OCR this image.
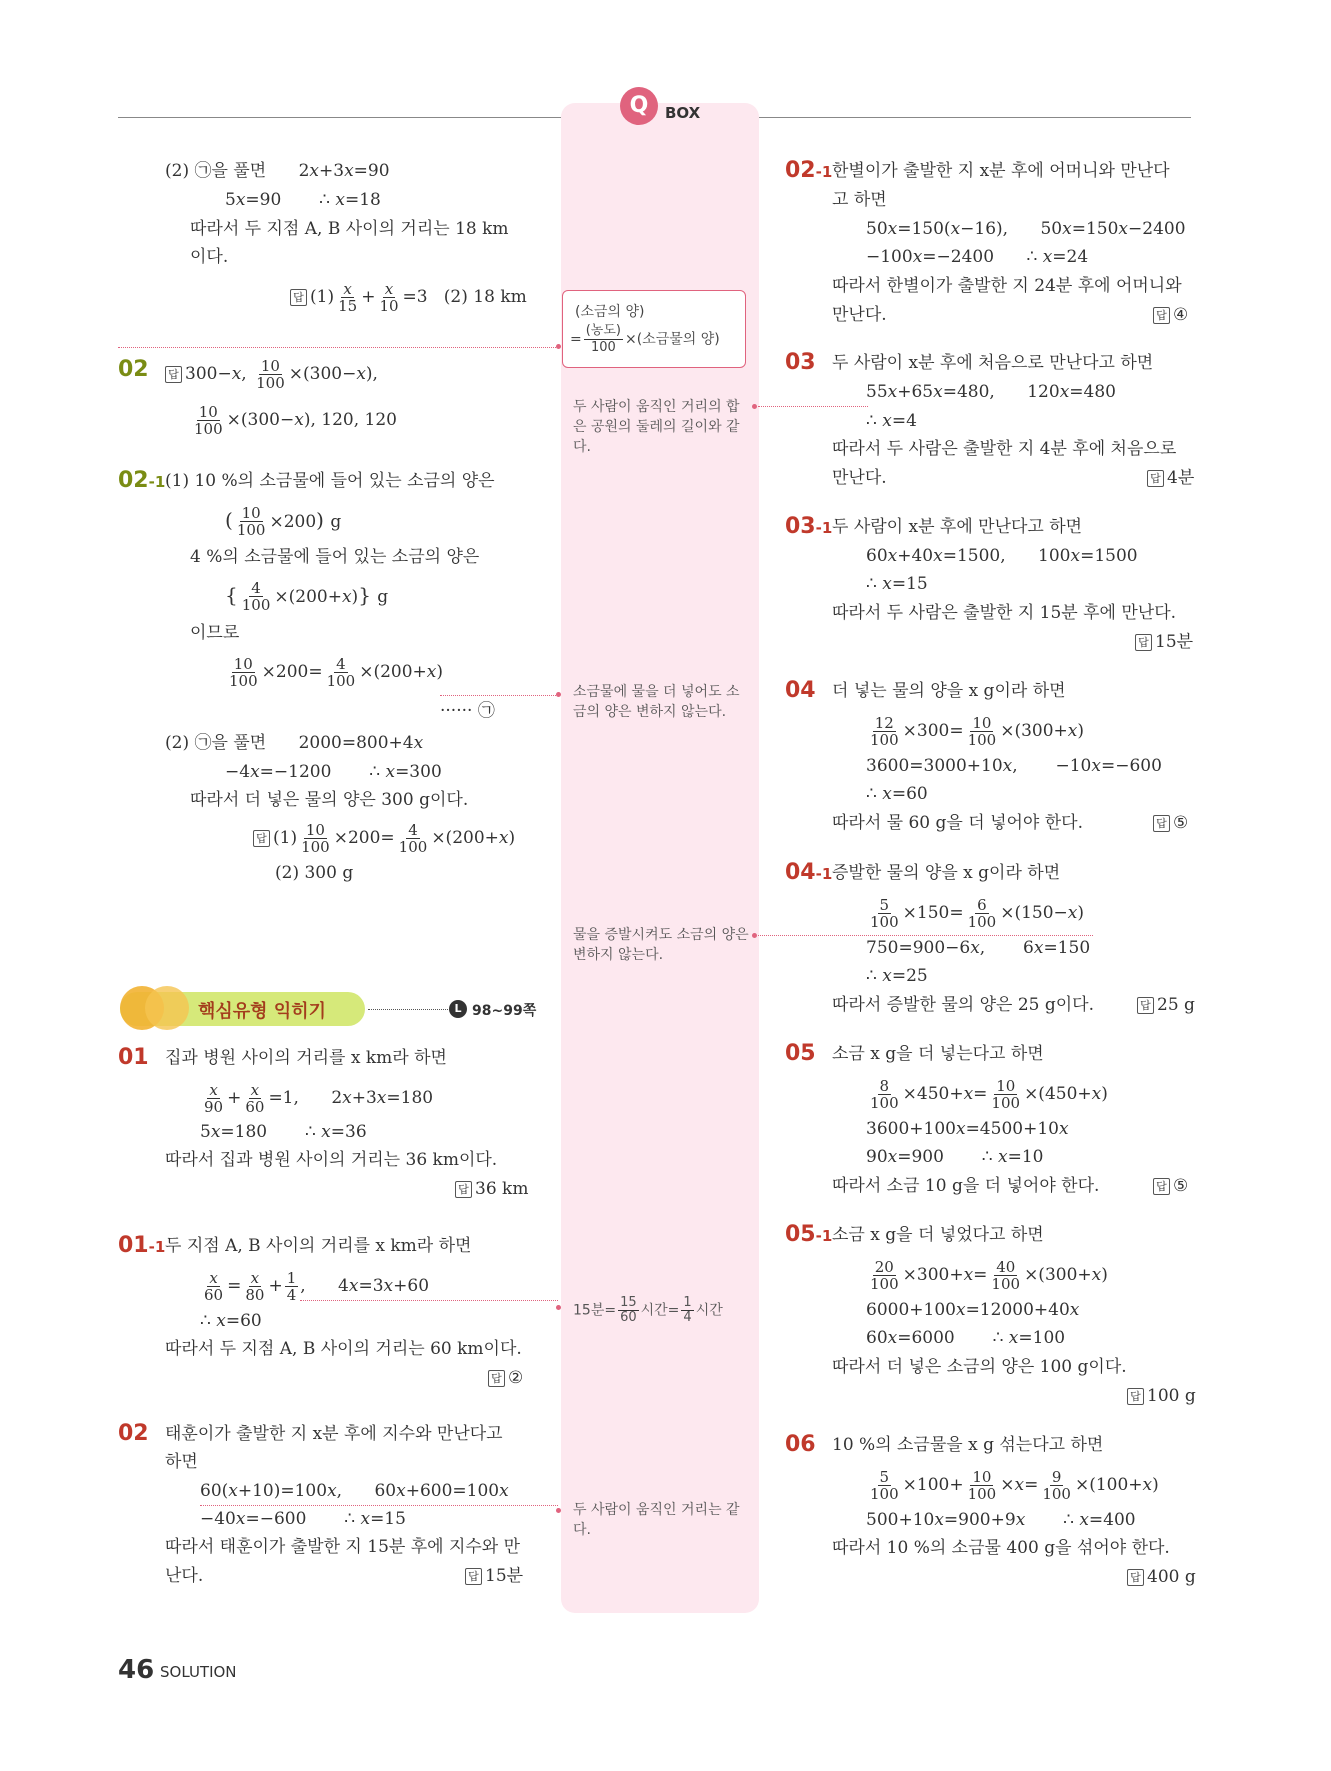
Q	BOX
(2) ㉠을 풀면      2x+3x=90
5x=90       ∴ x=18
따라서 두 지점 A, B 사이의 거리는 18 km
이다.
답 $(1) \frac{x}{15} + \frac{x}{10} =3$   (2) 18 km
02 답 300−x, $\frac{10}{100} \times(300-x)$,
$\frac{10}{100} \times(300-x)$, 120, 120
02-1 (1) 10 %의 소금물에 들어 있는 소금의 양은
( $\frac{10}{100} \times 200$) g
4 %의 소금물에 들어 있는 소금의 양은
{ $\frac{4}{100} \times(200+x)$} g
이므로
$\frac{10}{100} \times 200= \frac{4}{100} \times(200+x)$
······ ㉠
(2) ㉠을 풀면      2000=800+4x
−4x=−1200       ∴ x=300
따라서 더 넣은 물의 양은 300 g이다.
답 $(1) \frac{10}{100} \times 200= \frac{4}{100} \times(200+x)$
(2) 300 g
핵심유형 익히기	L 98~99쪽
01 집과 병원 사이의 거리를 x km라 하면
$\frac{x}{90} + \frac{x}{60} =1$,      2x+3x=180
5x=180       ∴ x=36
따라서 집과 병원 사이의 거리는 36 km이다.
답 36 km
01-1 두 지점 A, B 사이의 거리를 x km라 하면
$\frac{x}{60} = \frac{x}{80} + \frac{1}{4}$ ,      4x=3x+60
∴ x=60
따라서 두 지점 A, B 사이의 거리는 60 km이다.
답 ②
02 태훈이가 출발한 지 x분 후에 지수와 만난다고
하면
60(x+10)=100x,      60x+600=100x
−40x=−600       ∴ x=15
따라서 태훈이가 출발한 지 15분 후에 지수와 만
난다.	답 15분
(소금의 양)
= $\frac{\text{(농도)}}{100}$ ×(소금물의 양)
두 사람이 움직인 거리의 합은 공원의 둘레의 길이와 같다.
소금물에 물을 더 넣어도 소금의 양은 변하지 않는다.
물을 증발시켜도 소금의 양은 변하지 않는다.
15분= $\frac{15}{60}$ 시간= $\frac{1}{4}$ 시간
두 사람이 움직인 거리는 같다.
02-1 한별이가 출발한 지 x분 후에 어머니와 만난다
고 하면
50x=150(x−16),      50x=150x−2400
−100x=−2400      ∴ x=24
따라서 한별이가 출발한 지 24분 후에 어머니와
만난다.	답 ④
03 두 사람이 x분 후에 처음으로 만난다고 하면
55x+65x=480,      120x=480
∴ x=4
따라서 두 사람은 출발한 지 4분 후에 처음으로
만난다.	답 4분
03-1 두 사람이 x분 후에 만난다고 하면
60x+40x=1500,      100x=1500
∴ x=15
따라서 두 사람은 출발한 지 15분 후에 만난다.
답 15분
04 더 넣는 물의 양을 x g이라 하면
$\frac{12}{100} \times 300= \frac{10}{100} \times(300+x)$
3600=3000+10x,       −10x=−600
∴ x=60
따라서 물 60 g을 더 넣어야 한다.	답 ⑤
04-1 증발한 물의 양을 x g이라 하면
$\frac{5}{100} \times 150= \frac{6}{100} \times(150-x)$
750=900−6x,       6x=150
∴ x=25
따라서 증발한 물의 양은 25 g이다.	답 25 g
05 소금 x g을 더 넣는다고 하면
$\frac{8}{100} \times 450+x= \frac{10}{100} \times(450+x)$
3600+100x=4500+10x
90x=900       ∴ x=10
따라서 소금 10 g을 더 넣어야 한다.	답 ⑤
05-1 소금 x g을 더 넣었다고 하면
$\frac{20}{100} \times 300+x= \frac{40}{100} \times(300+x)$
6000+100x=12000+40x
60x=6000       ∴ x=100
따라서 더 넣은 소금의 양은 100 g이다.
답 100 g
06 10 %의 소금물을 x g 섞는다고 하면
$\frac{5}{100} \times 100+ \frac{10}{100} \times x= \frac{9}{100} \times(100+x)$
500+10x=900+9x       ∴ x=400
따라서 10 %의 소금물 400 g을 섞어야 한다.
답 400 g
46 SOLUTION
